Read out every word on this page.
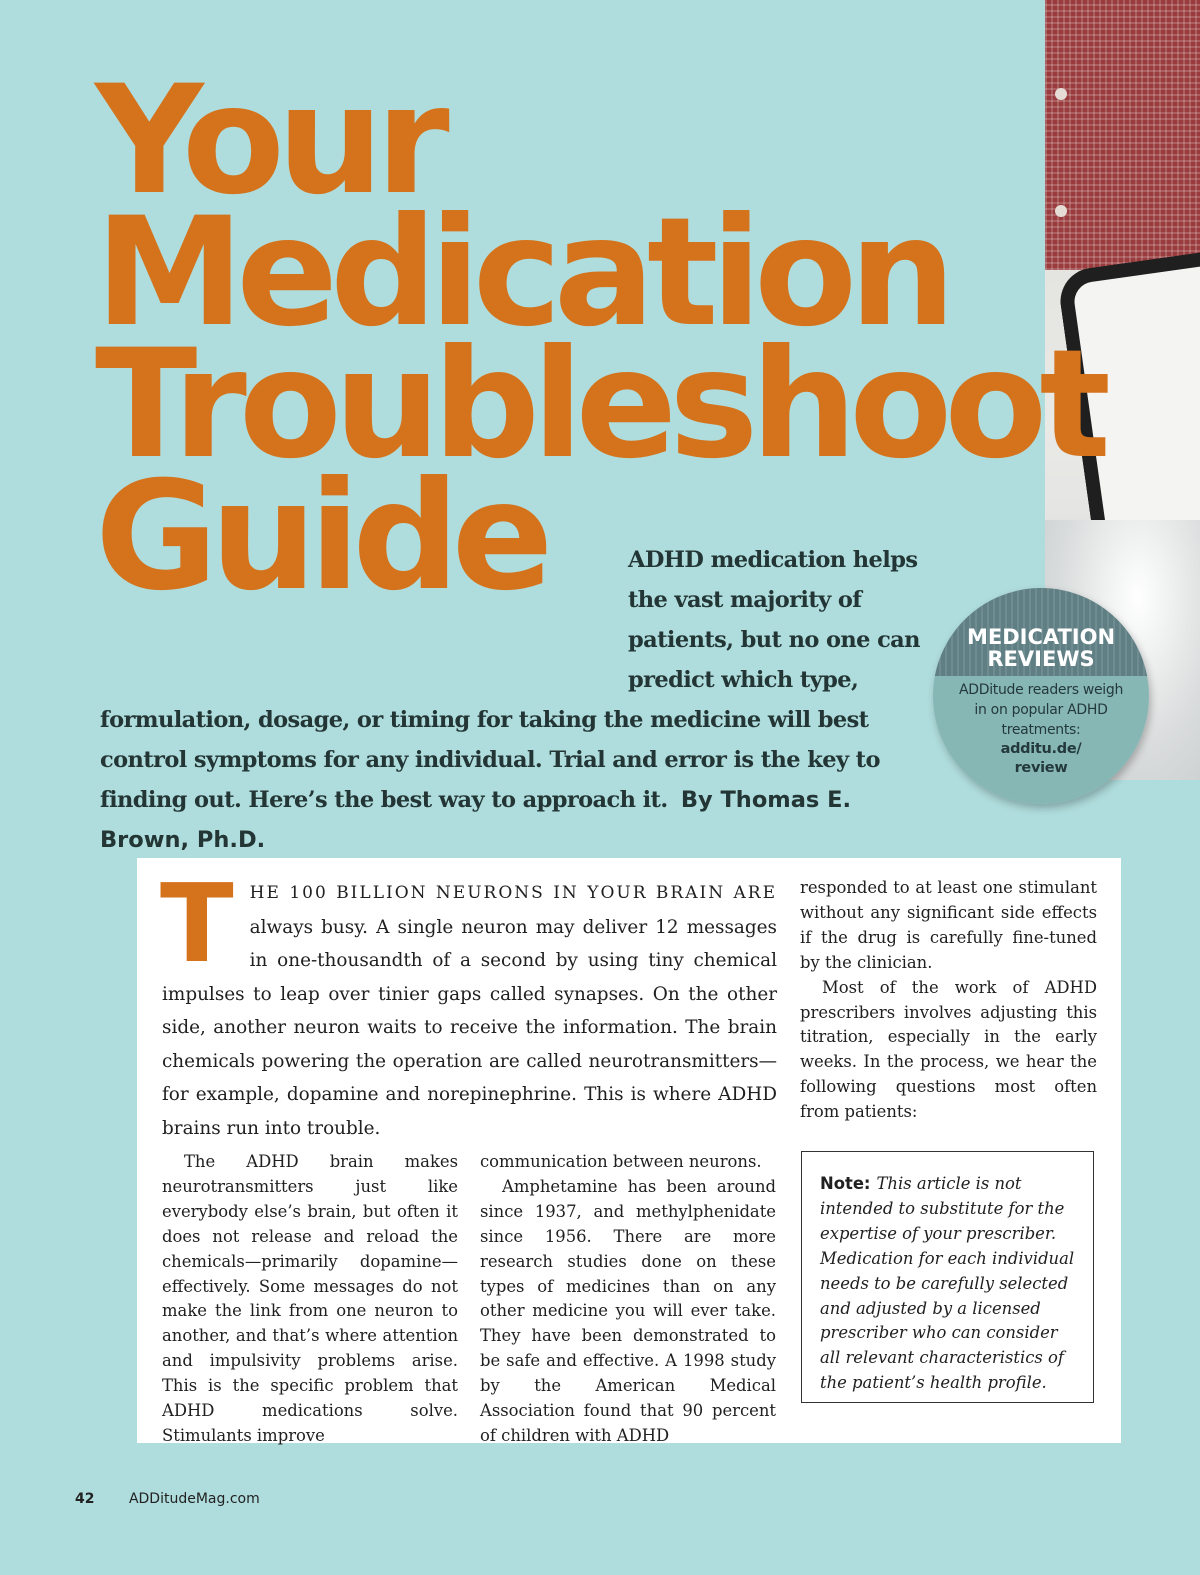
Your
Medication
Troubleshoot
Guide	ADHD medication helps the vast majority of patients, but no one can predict which type, formulation, dosage, or timing for taking the medicine will best control symptoms for any individual. Trial and error is the key to finding out. Here’s the best way to approach it. By Thomas E. Brown, Ph.D.
MEDICATION
REVIEWS
ADDitude readers weigh in on popular ADHD treatments:
additu.de/
review
T HE 100 BILLION NEURONS IN YOUR BRAIN ARE always busy. A single neuron may deliver 12 messages in one-thousandth of a second by using tiny chemical impulses to leap over tinier gaps called synapses. On the other side, another neuron waits to receive the information. The brain chemicals powering the operation are called neurotransmitters—for example, dopamine and norepinephrine. This is where ADHD brains run into trouble.

The ADHD brain makes neurotransmitters just like everybody else’s brain, but often it does not release and reload the chemicals—primarily dopamine—effectively. Some messages do not make the link from one neuron to another, and that’s where attention and impulsivity problems arise. This is the specific problem that ADHD medications solve. Stimulants improve

communication between neurons.

Amphetamine has been around since 1937, and methylphenidate since 1956. There are more research studies done on these types of medicines than on any other medicine you will ever take. They have been demonstrated to be safe and effective. A 1998 study by the American Medical Association found that 90 percent of children with ADHD

responded to at least one stimulant without any significant side effects if the drug is carefully fine-tuned by the clinician.

Most of the work of ADHD prescribers involves adjusting this titration, especially in the early weeks. In the process, we hear the following questions most often from patients:

Note: This article is not intended to substitute for the expertise of your prescriber. Medication for each individual needs to be carefully selected and adjusted by a licensed prescriber who can consider all relevant characteristics of the patient’s health profile.
42 ADDitudeMag.com
